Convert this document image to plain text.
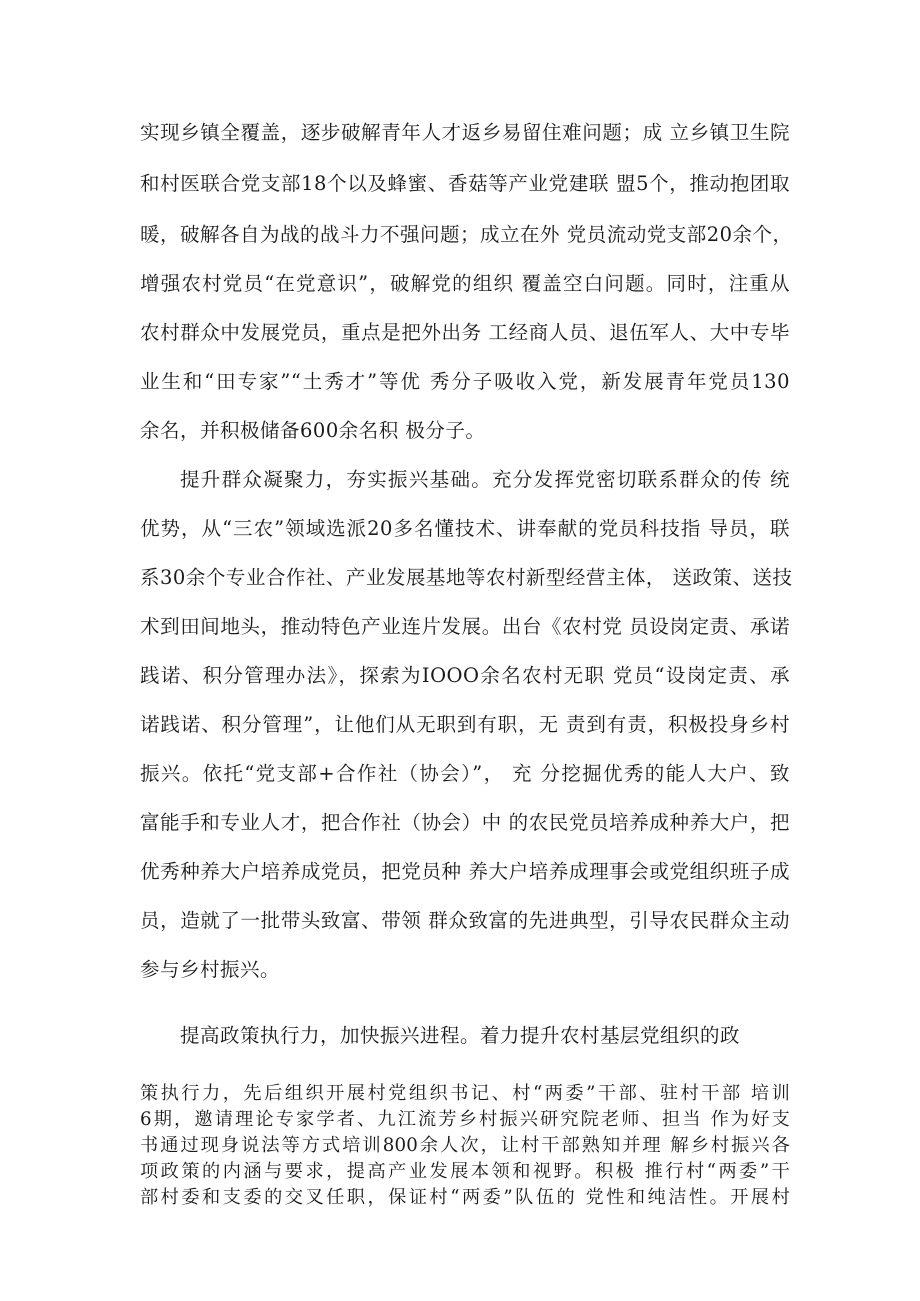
实现乡镇全覆盖，逐步破解青年人才返乡易留住难问题；成 立乡镇卫生院
和村医联合党支部18个以及蜂蜜、香菇等产业党建联 盟5个，推动抱团取
暖，破解各自为战的战斗力不强问题；成立在外 党员流动党支部20余个，
增强农村党员“在党意识”，破解党的组织 覆盖空白问题。同时，注重从
农村群众中发展党员，重点是把外出务 工经商人员、退伍军人、大中专毕
业生和“田专家”“土秀才”等优 秀分子吸收入党，新发展青年党员130
余名，并积极储备600余名积 极分子。
提升群众凝聚力，夯实振兴基础。充分发挥党密切联系群众的传 统
优势，从“三农”领域选派20多名懂技术、讲奉献的党员科技指 导员，联
系30余个专业合作社、产业发展基地等农村新型经营主体， 送政策、送技
术到田间地头，推动特色产业连片发展。出台《农村党 员设岗定责、承诺
践诺、积分管理办法》，探索为IOOO余名农村无职 党员“设岗定责、承
诺践诺、积分管理”，让他们从无职到有职，无 责到有责，积极投身乡村
振兴。依托“党支部+合作社（协会）”， 充 分挖掘优秀的能人大户、致
富能手和专业人才，把合作社（协会）中 的农民党员培养成种养大户，把
优秀种养大户培养成党员，把党员种 养大户培养成理事会或党组织班子成
员，造就了一批带头致富、带领 群众致富的先进典型，引导农民群众主动
参与乡村振兴。
提高政策执行力，加快振兴进程。着力提升农村基层党组织的政
策执行力，先后组织开展村党组织书记、村“两委”干部、驻村干部 培训
6期，邀请理论专家学者、九江流芳乡村振兴研究院老师、担当 作为好支
书通过现身说法等方式培训800余人次，让村干部熟知并理 解乡村振兴各
项政策的内涵与要求，提高产业发展本领和视野。积极 推行村“两委”干
部村委和支委的交叉任职，保证村“两委”队伍的 党性和纯洁性。开展村
